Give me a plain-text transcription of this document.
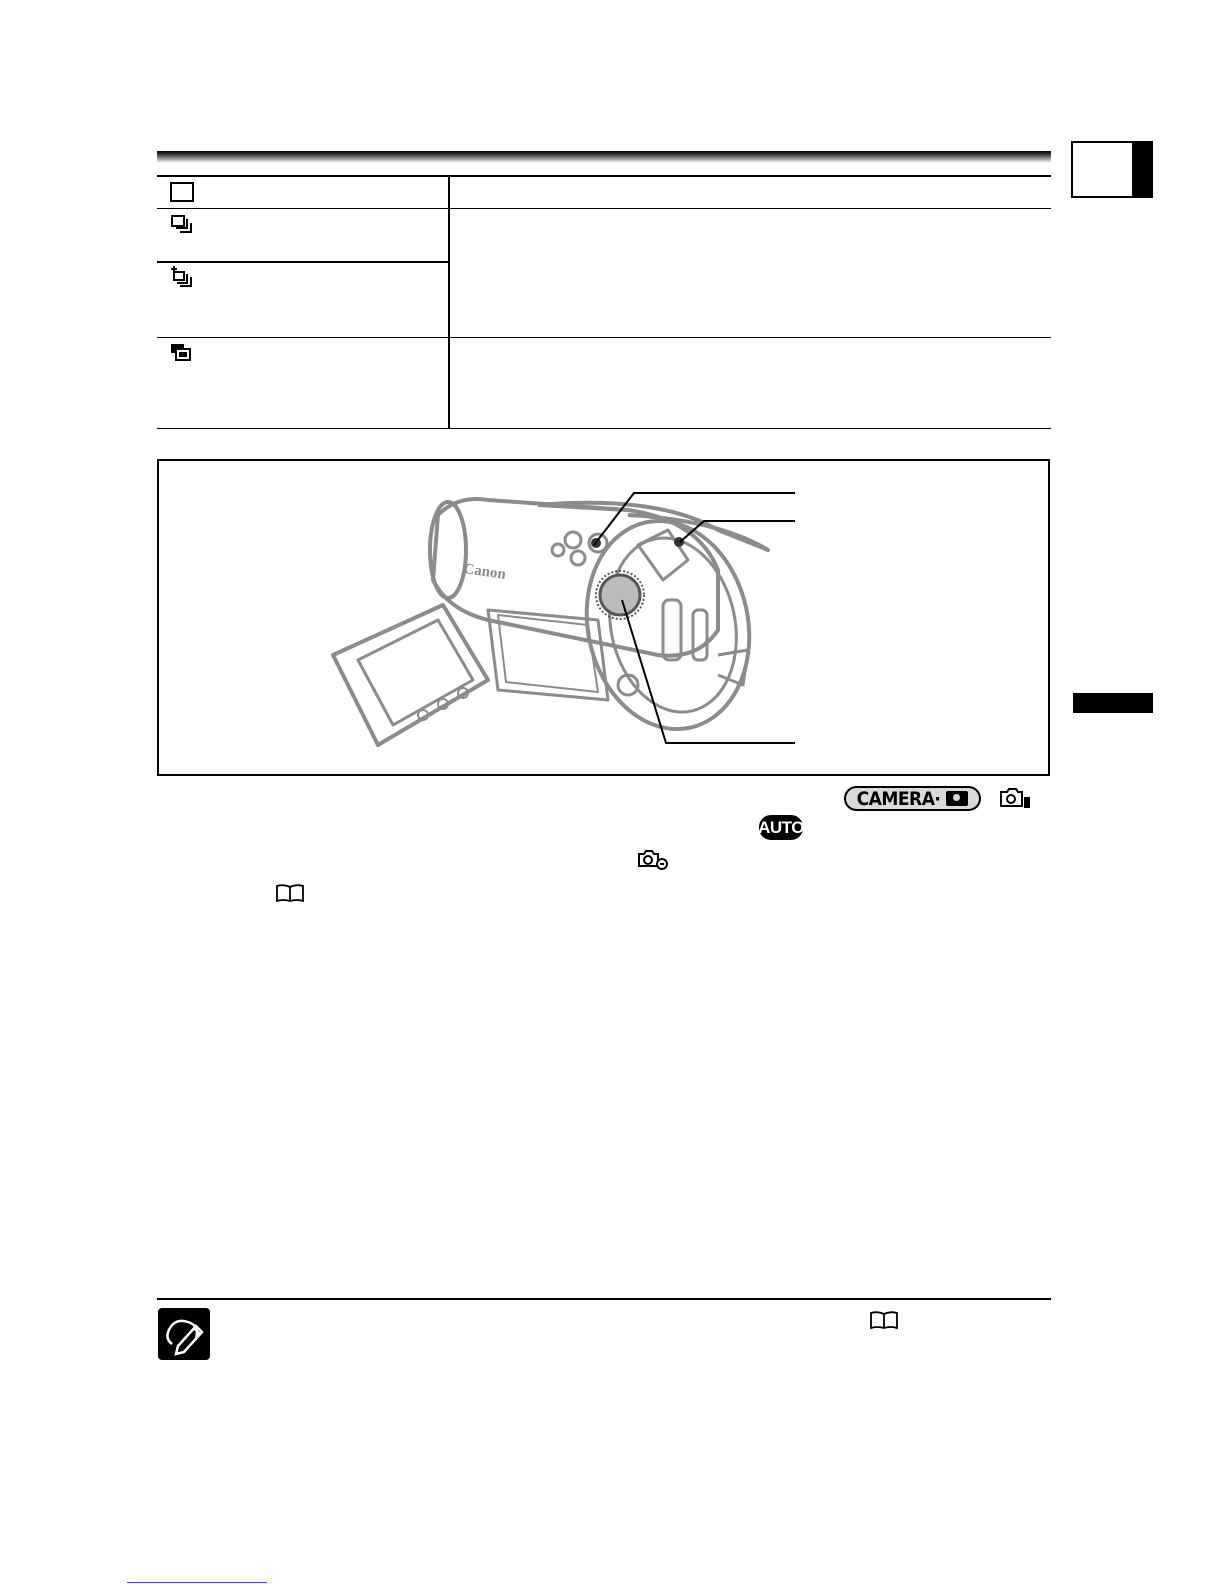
Canon
CAMERA·
AUTO
